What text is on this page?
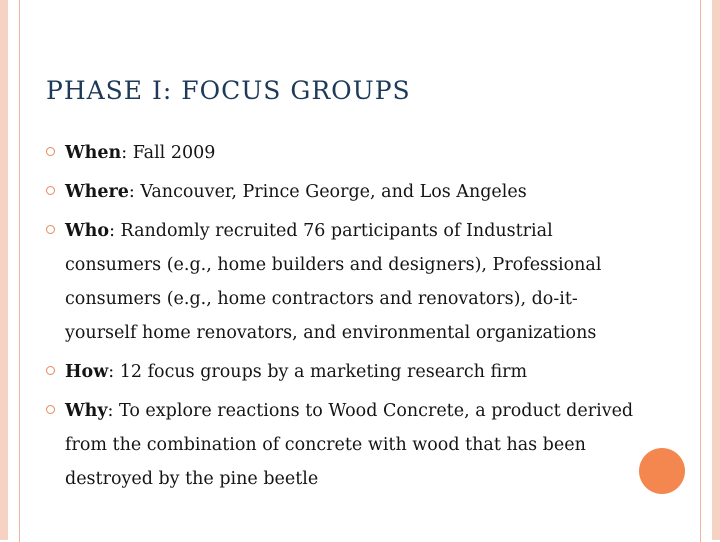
PHASE I: FOCUS GROUPS
When: Fall 2009
Where: Vancouver, Prince George, and Los Angeles
Who: Randomly recruited 76 participants of Industrial consumers (e.g., home builders and designers), Professional consumers (e.g., home contractors and renovators), do-it-yourself home renovators, and environmental organizations
How: 12 focus groups by a marketing research firm
Why: To explore reactions to Wood Concrete, a product derived from the combination of concrete with wood that has been destroyed by the pine beetle
